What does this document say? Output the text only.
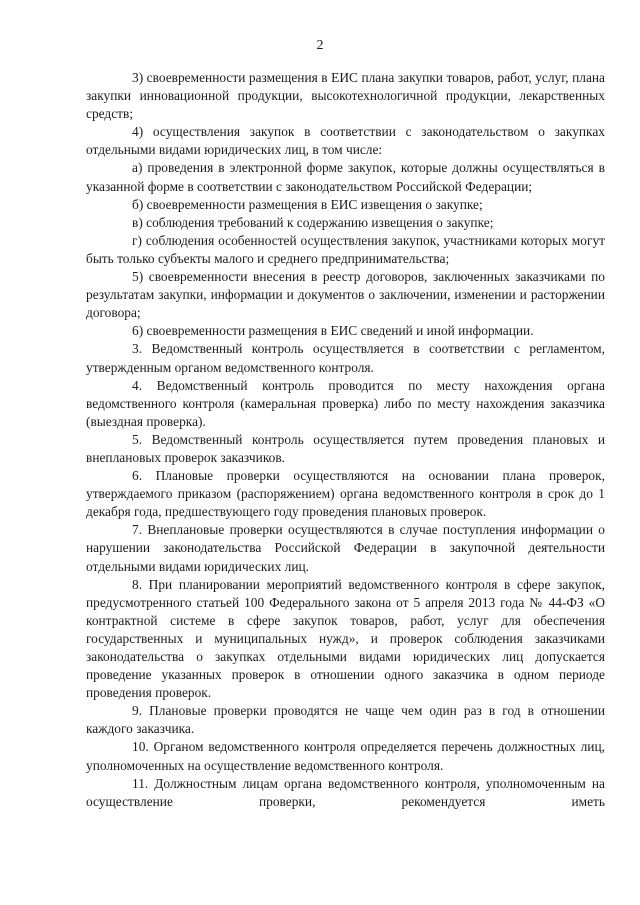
2

3) своевременности размещения в ЕИС плана закупки товаров, работ, услуг, плана закупки инновационной продукции, высокотехнологичной продукции, лекарственных средств;

4) осуществления закупок в соответствии с законодательством о закупках отдельными видами юридических лиц, в том числе:

а) проведения в электронной форме закупок, которые должны осуществляться в указанной форме в соответствии с законодательством Российской Федерации;

б) своевременности размещения в ЕИС извещения о закупке;

в) соблюдения требований к содержанию извещения о закупке;

г) соблюдения особенностей осуществления закупок, участниками которых могут быть только субъекты малого и среднего предпринимательства;

5) своевременности внесения в реестр договоров, заключенных заказчиками по результатам закупки, информации и документов о заключении, изменении и расторжении договора;

6) своевременности размещения в ЕИС сведений и иной информации.

3. Ведомственный контроль осуществляется в соответствии с регламентом, утвержденным органом ведомственного контроля.

4. Ведомственный контроль проводится по месту нахождения органа ведомственного контроля (камеральная проверка) либо по месту нахождения заказчика (выездная проверка).

5. Ведомственный контроль осуществляется путем проведения плановых и внеплановых проверок заказчиков.

6. Плановые проверки осуществляются на основании плана проверок, утверждаемого приказом (распоряжением) органа ведомственного контроля в срок до 1 декабря года, предшествующего году проведения плановых проверок.

7. Внеплановые проверки осуществляются в случае поступления информации о нарушении законодательства Российской Федерации в закупочной деятельности отдельными видами юридических лиц.

8. При планировании мероприятий ведомственного контроля в сфере закупок, предусмотренного статьей 100 Федерального закона от 5 апреля 2013 года № 44-ФЗ «О контрактной системе в сфере закупок товаров, работ, услуг для обеспечения государственных и муниципальных нужд», и проверок соблюдения заказчиками законодательства о закупках отдельными видами юридических лиц допускается проведение указанных проверок в отношении одного заказчика в одном периоде проведения проверок.

9. Плановые проверки проводятся не чаще чем один раз в год в отношении каждого заказчика.

10. Органом ведомственного контроля определяется перечень должностных лиц, уполномоченных на осуществление ведомственного контроля.

11. Должностным лицам органа ведомственного контроля, уполномоченным на осуществление проверки, рекомендуется иметь
